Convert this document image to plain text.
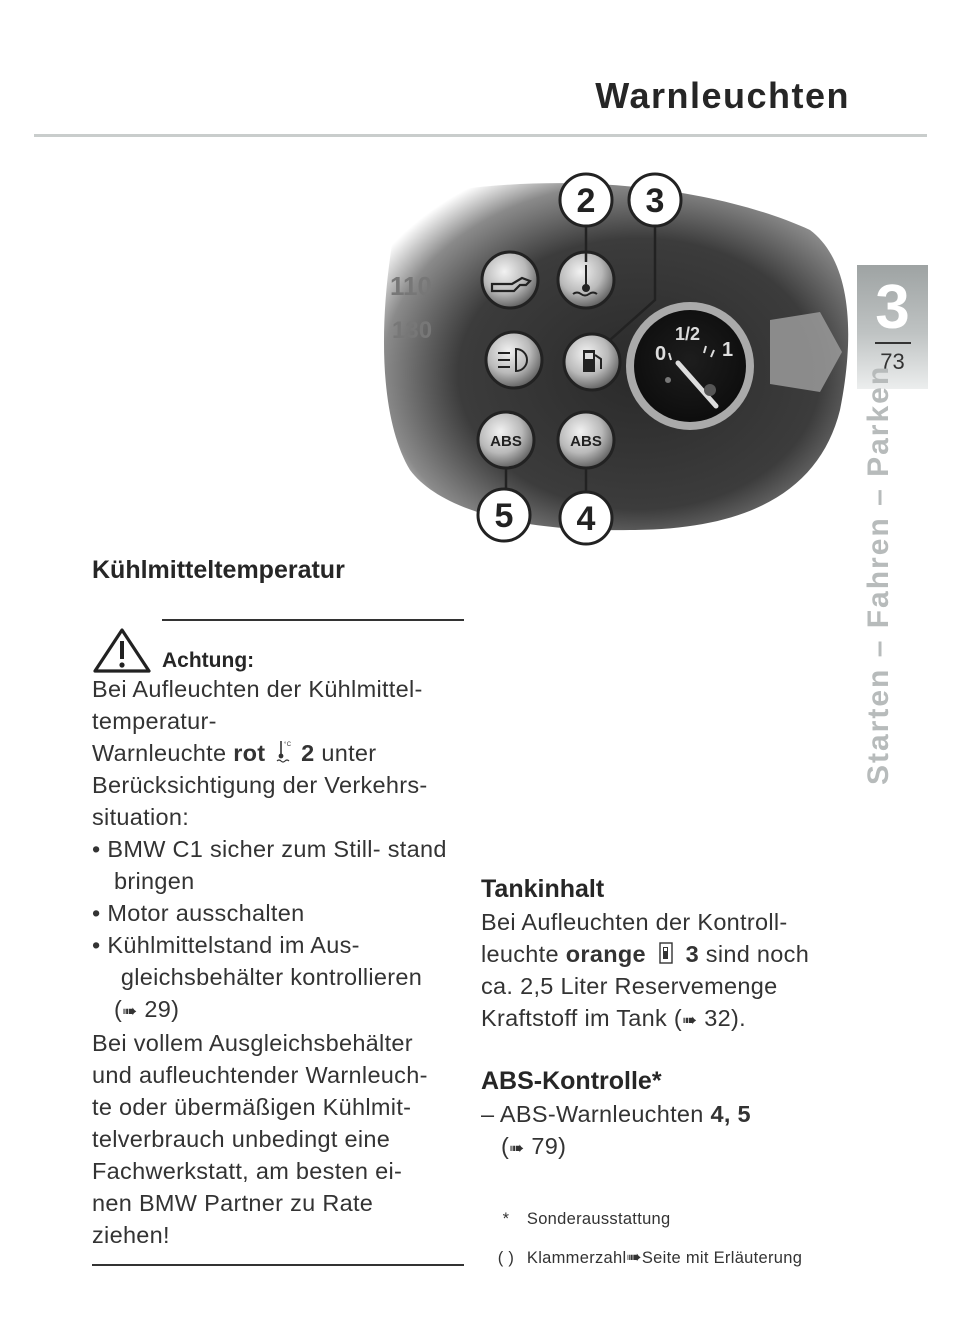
Warnleuchten
3
73
Starten – Fahren – Parken
110
130
ABS	ABS
0
1/2
1
2 3
4
5
Kühlmitteltemperatur
Achtung:
Bei Aufleuchten der Kühlmittel-
temperatur-
Warnleuchte rot	°C 2 unter
Berücksichtigung der Verkehrs-
situation:
• BMW C1 sicher zum Still- stand bringen
• Motor ausschalten
• Kühlmittelstand im Aus- gleichsbehälter kontrollieren
(➠ 29)
Bei vollem Ausgleichsbehälter
und aufleuchtender Warnleuch-
te oder übermäßigen Kühlmit-
telverbrauch unbedingt eine
Fachwerkstatt, am besten ei-
nen BMW Partner zu Rate
ziehen!
Tankinhalt
Bei Aufleuchten der Kontroll-
leuchte orange 3 sind noch
ca. 2,5 Liter Reservemenge
Kraftstoff im Tank (➠ 32).
ABS-Kontrolle*
– ABS-Warnleuchten 4, 5
(➠ 79)
* Sonderausstattung
( ) Klammerzahl➠Seite mit Erläuterung
